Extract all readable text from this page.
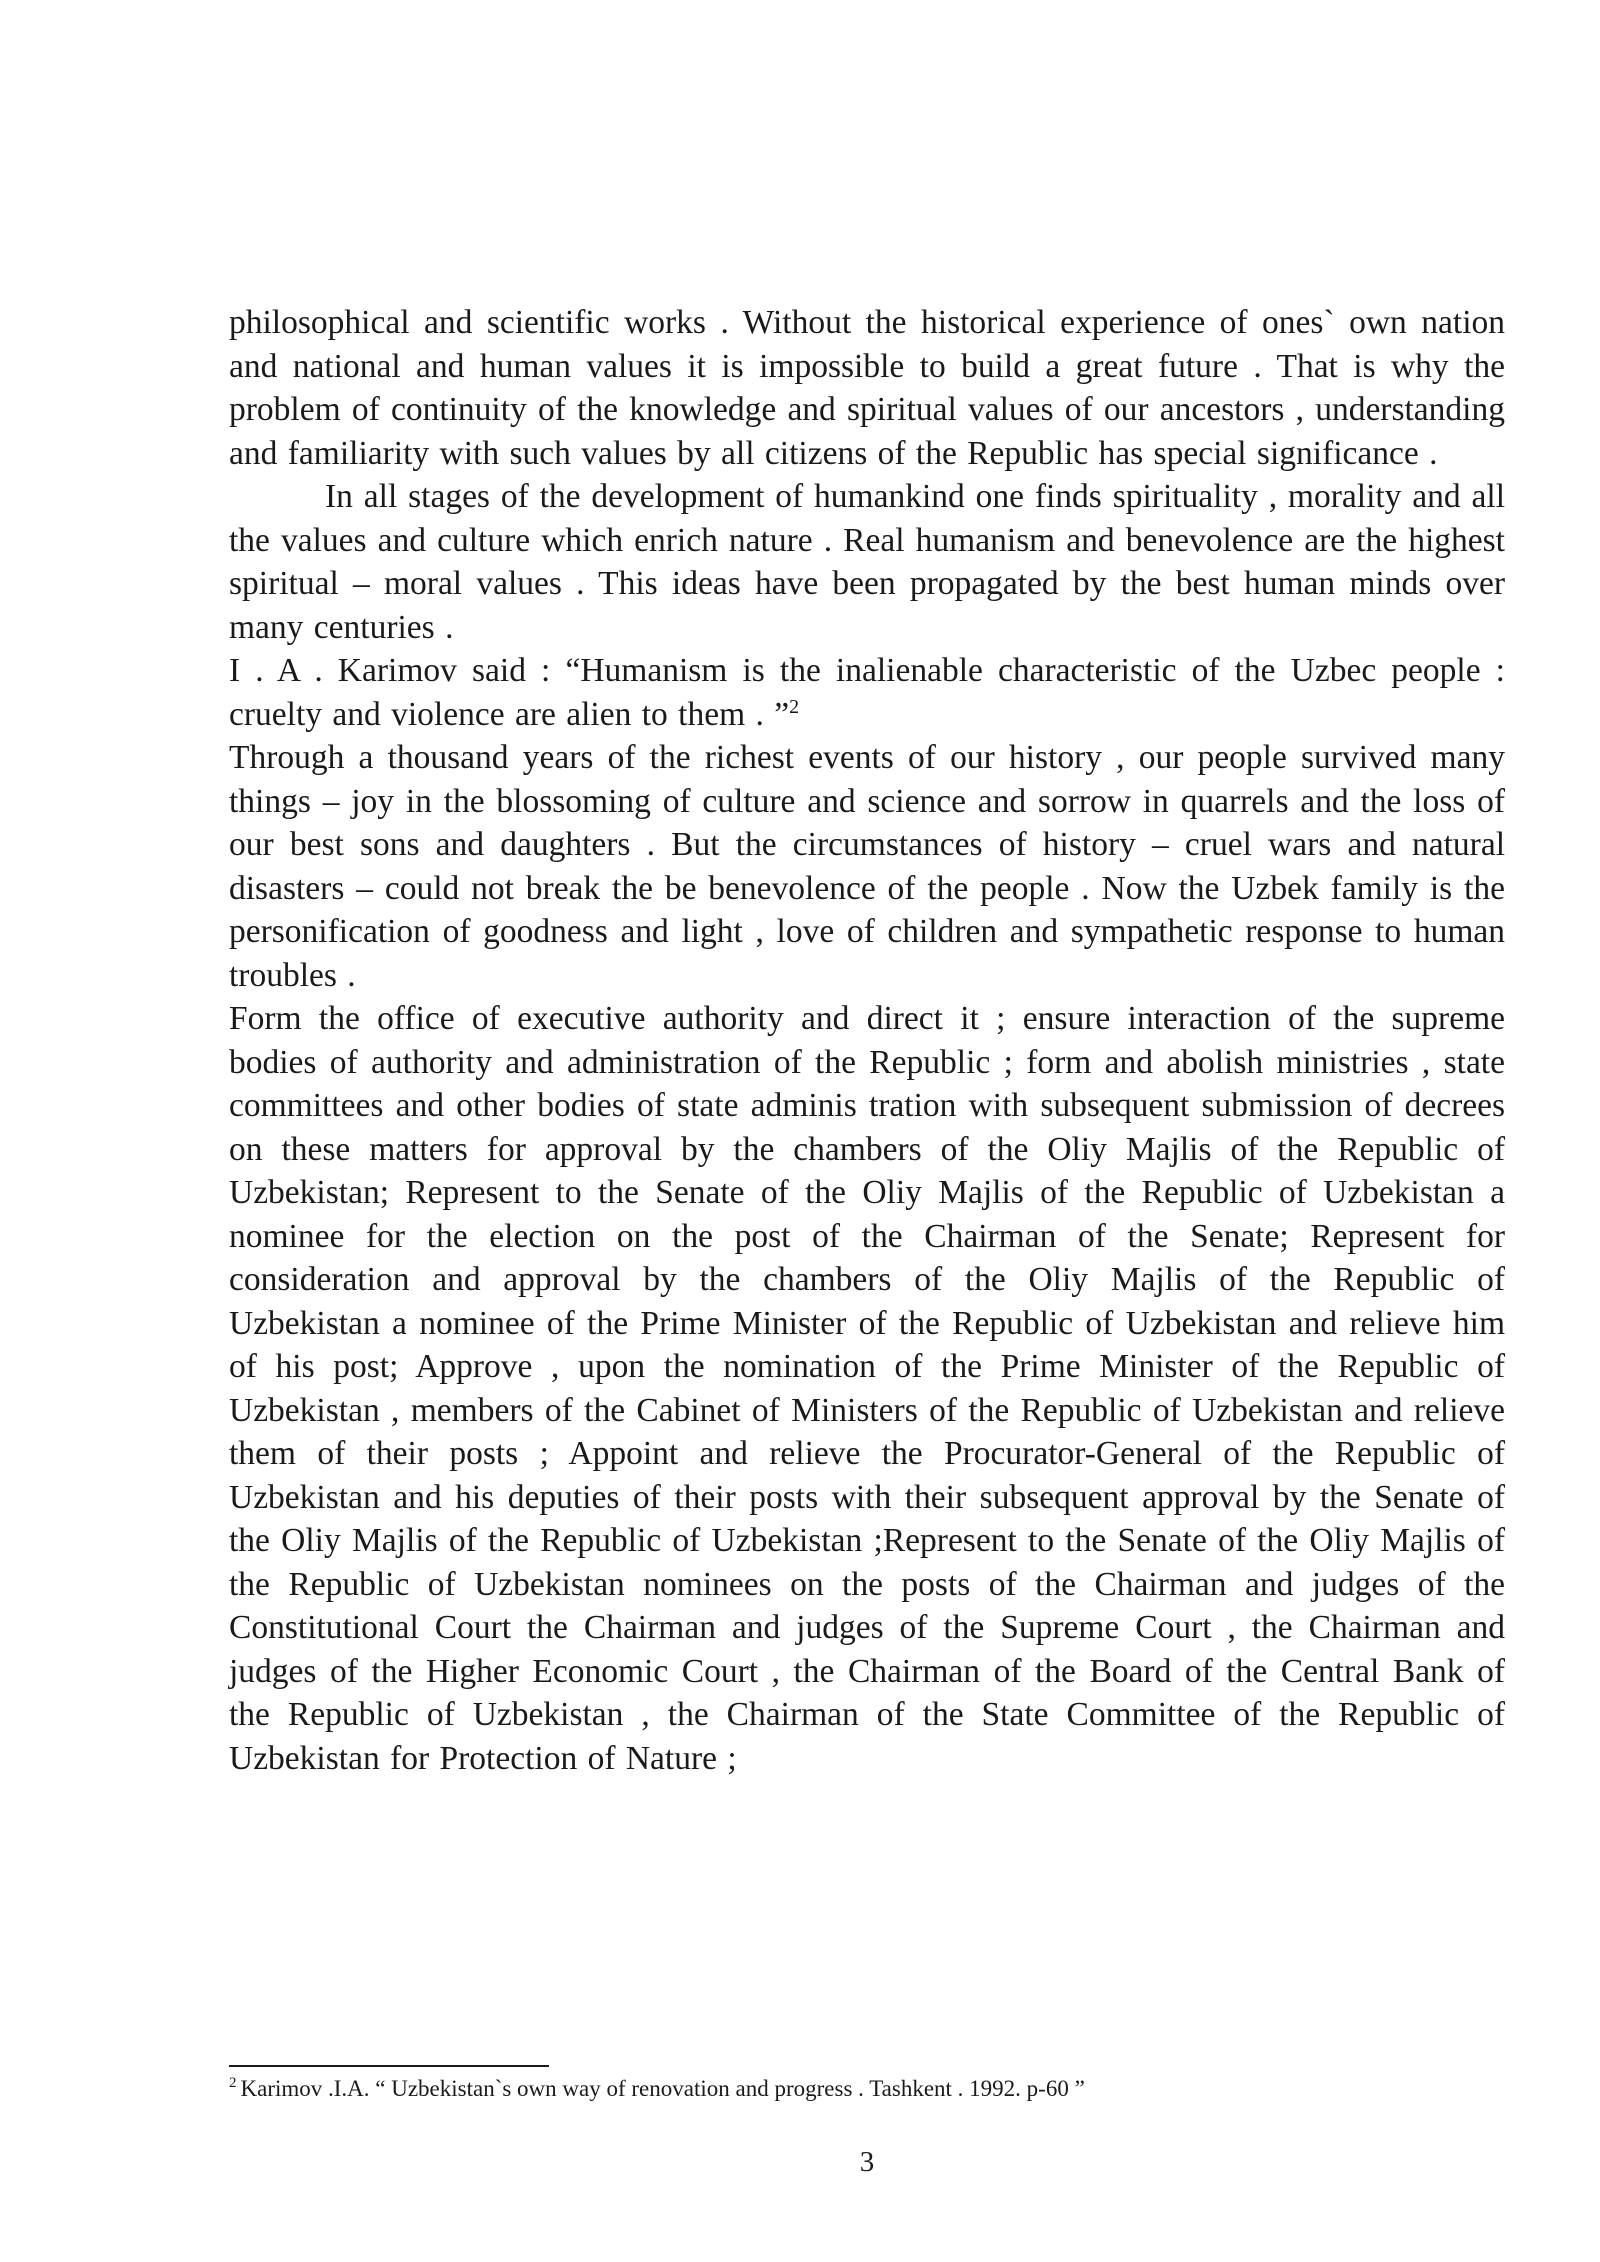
philosophical and scientific works . Without the historical experience of ones` own nation and national and human values it is impossible to build a great future . That is why the problem of continuity of the knowledge and spiritual values of our ancestors , understanding and familiarity with such values by all citizens of the Republic has special significance .

In all stages of the development of humankind one finds spirituality , morality and all the values and culture which enrich nature . Real humanism and benevolence are the highest spiritual – moral values . This ideas have been propagated by the best human minds over many centuries .

I . A . Karimov said : “Humanism is the inalienable characteristic of the Uzbec people : cruelty and violence are alien to them . ”$^2$

Through a thousand years of the richest events of our history , our people survived many things – joy in the blossoming of culture and science and sorrow in quarrels and the loss of our best sons and daughters . But the circumstances of history – cruel wars and natural disasters – could not break the be benevolence of the people . Now the Uzbek family is the personification of goodness and light , love of children and sympathetic response to human troubles .

Form the office of executive authority and direct it ; ensure interaction of the supreme bodies of authority and administration of the Republic ; form and abolish ministries , state committees and other bodies of state adminis tration with subsequent submission of decrees on these matters for approval by the chambers of the Oliy Majlis of the Republic of Uzbekistan; Represent to the Senate of the Oliy Majlis of the Republic of Uzbekistan a nominee for the election on the post of the Chairman of the Senate; Represent for consideration and approval by the chambers of the Oliy Majlis of the Republic of Uzbekistan a nominee of the Prime Minister of the Republic of Uzbekistan and relieve him of his post; Approve , upon the nomination of the Prime Minister of the Republic of Uzbekistan , members of the Cabinet of Ministers of the Republic of Uzbekistan and relieve them of their posts ; Appoint and relieve the Procurator-General of the Republic of Uzbekistan and his deputies of their posts with their subsequent approval by the Senate of the Oliy Majlis of the Republic of Uzbekistan ;Represent to the Senate of the Oliy Majlis of the Republic of Uzbekistan nominees on the posts of the Chairman and judges of the Constitutional Court the Chairman and judges of the Supreme Court , the Chairman and judges of the Higher Economic Court , the Chairman of the Board of the Central Bank of the Republic of Uzbekistan , the Chairman of the State Committee of the Republic of Uzbekistan for Protection of Nature ;

$^2$ Karimov .I.A. “ Uzbekistan`s own way of renovation and progress . Tashkent . 1992. p-60 ”
3
